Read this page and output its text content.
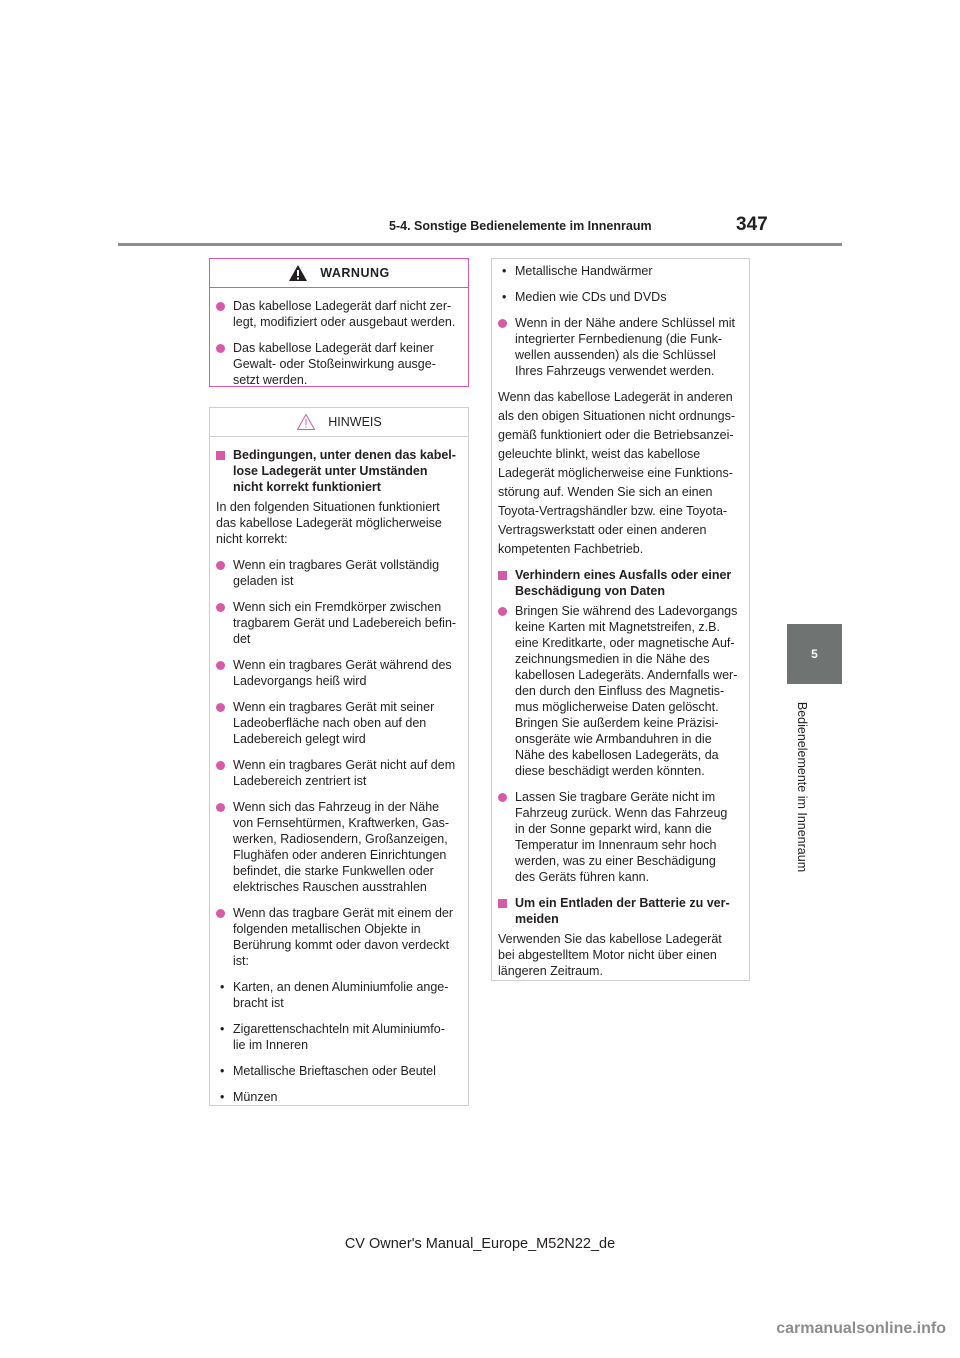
5-4. Sonstige Bedienelemente im Innenraum	347
5
Bedienelemente im Innenraum
WARNUNG
Das kabellose Ladegerät darf nicht zer-
legt, modifiziert oder ausgebaut werden.
Das kabellose Ladegerät darf keiner
Gewalt- oder Stoßeinwirkung ausge-
setzt werden.
HINWEIS
Bedingungen, unter denen das kabel-
lose Ladegerät unter Umständen
nicht korrekt funktioniert
In den folgenden Situationen funktioniert
das kabellose Ladegerät möglicherweise
nicht korrekt:
Wenn ein tragbares Gerät vollständig
geladen ist
Wenn sich ein Fremdkörper zwischen
tragbarem Gerät und Ladebereich befin-
det
Wenn ein tragbares Gerät während des
Ladevorgangs heiß wird
Wenn ein tragbares Gerät mit seiner
Ladeoberfläche nach oben auf den
Ladebereich gelegt wird
Wenn ein tragbares Gerät nicht auf dem
Ladebereich zentriert ist
Wenn sich das Fahrzeug in der Nähe
von Fernsehtürmen, Kraftwerken, Gas-
werken, Radiosendern, Großanzeigen,
Flughäfen oder anderen Einrichtungen
befindet, die starke Funkwellen oder
elektrisches Rauschen ausstrahlen
Wenn das tragbare Gerät mit einem der
folgenden metallischen Objekte in
Berührung kommt oder davon verdeckt
ist:
• Karten, an denen Aluminiumfolie ange-
bracht ist
• Zigarettenschachteln mit Aluminiumfo-
lie im Inneren
• Metallische Brieftaschen oder Beutel
• Münzen
• Metallische Handwärmer
• Medien wie CDs und DVDs
Wenn in der Nähe andere Schlüssel mit
integrierter Fernbedienung (die Funk-
wellen aussenden) als die Schlüssel
Ihres Fahrzeugs verwendet werden.
Wenn das kabellose Ladegerät in anderen
als den obigen Situationen nicht ordnungs-
gemäß funktioniert oder die Betriebsanzei-
geleuchte blinkt, weist das kabellose
Ladegerät möglicherweise eine Funktions-
störung auf. Wenden Sie sich an einen
Toyota-Vertragshändler bzw. eine Toyota-
Vertragswerkstatt oder einen anderen
kompetenten Fachbetrieb.
Verhindern eines Ausfalls oder einer
Beschädigung von Daten
Bringen Sie während des Ladevorgangs
keine Karten mit Magnetstreifen, z.B.
eine Kreditkarte, oder magnetische Auf-
zeichnungsmedien in die Nähe des
kabellosen Ladegeräts. Andernfalls wer-
den durch den Einfluss des Magnetis-
mus möglicherweise Daten gelöscht.
Bringen Sie außerdem keine Präzisi-
onsgeräte wie Armbanduhren in die
Nähe des kabellosen Ladegeräts, da
diese beschädigt werden könnten.
Lassen Sie tragbare Geräte nicht im
Fahrzeug zurück. Wenn das Fahrzeug
in der Sonne geparkt wird, kann die
Temperatur im Innenraum sehr hoch
werden, was zu einer Beschädigung
des Geräts führen kann.
Um ein Entladen der Batterie zu ver-
meiden
Verwenden Sie das kabellose Ladegerät
bei abgestelltem Motor nicht über einen
längeren Zeitraum.
CV Owner's Manual_Europe_M52N22_de
carmanualsonline.info
